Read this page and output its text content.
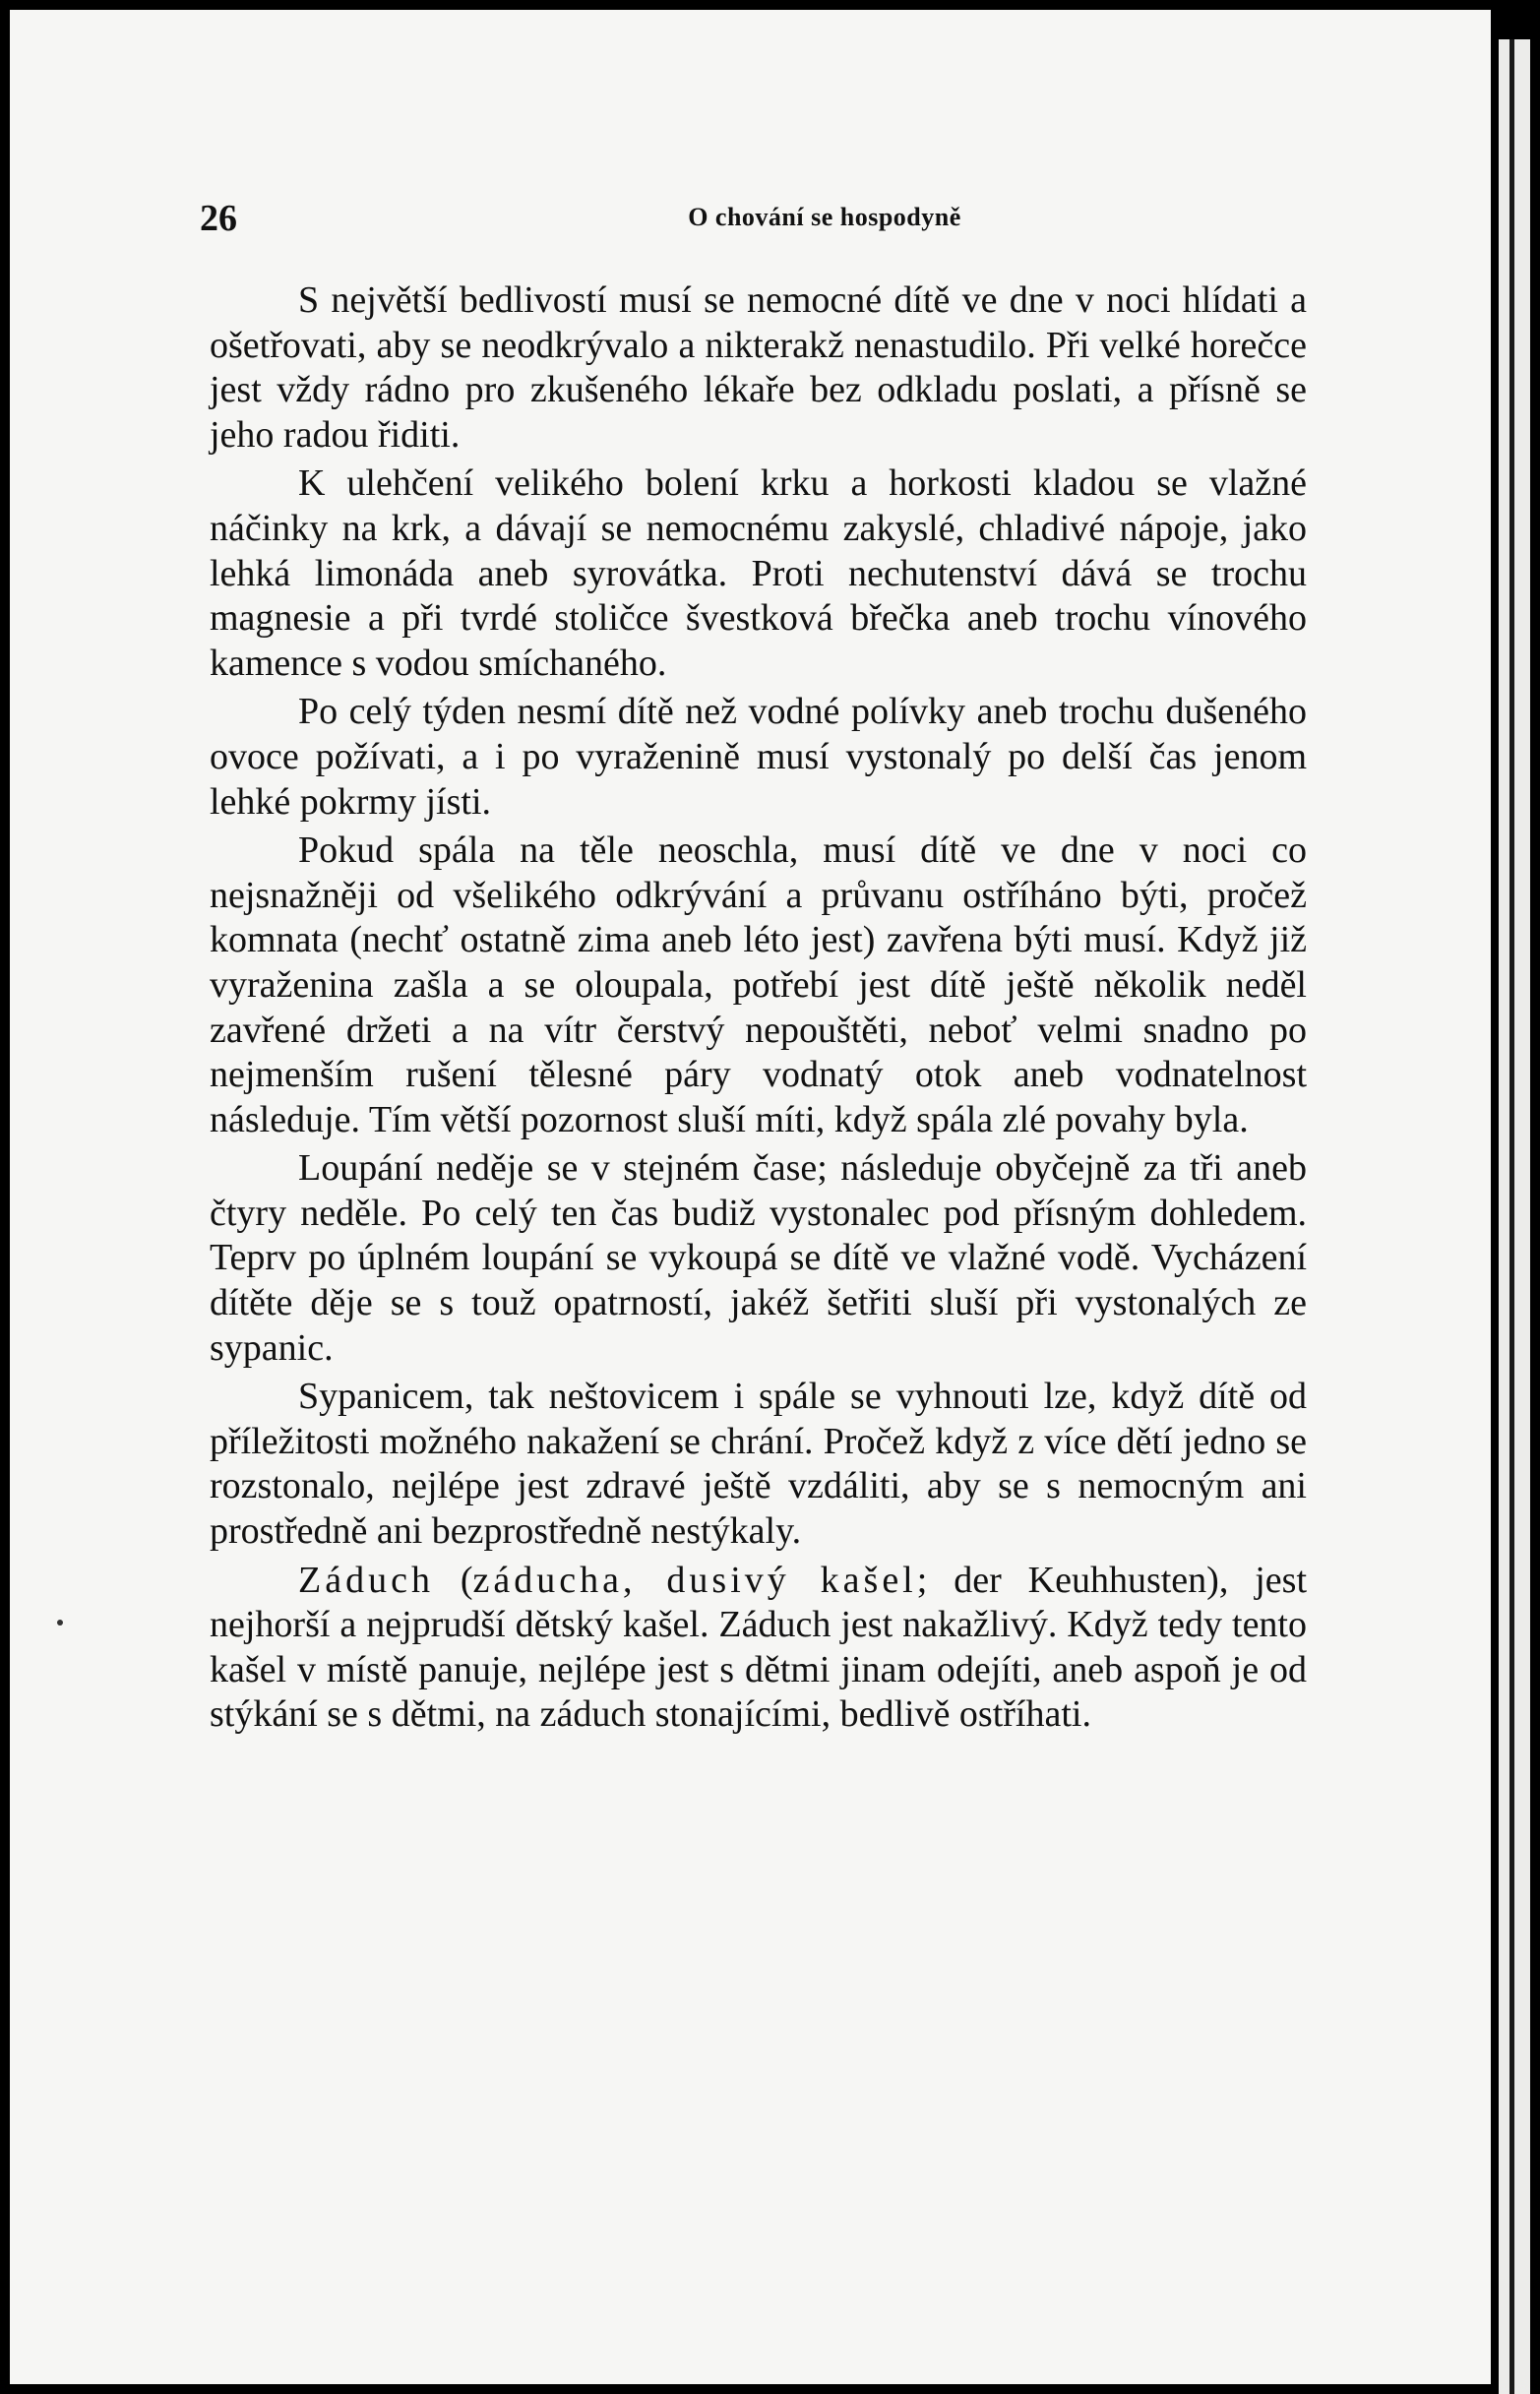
26	O chování se hospodyně

S největší bedlivostí musí se nemocné dítě ve dne v noci hlídati a ošetřovati, aby se neodkrývalo a nikterakž nenastudilo. Při velké horečce jest vždy rádno pro zkušeného lékaře bez odkladu poslati, a přísně se jeho radou řiditi.

K ulehčení velikého bolení krku a horkosti kladou se vlažné náčinky na krk, a dávají se nemocnému zakyslé, chladivé nápoje, jako lehká limonáda aneb syrovátka. Proti nechutenství dává se trochu magnesie a při tvrdé stoličce švestková břečka aneb trochu vínového kamence s vodou smíchaného.

Po celý týden nesmí dítě než vodné polívky aneb trochu dušeného ovoce požívati, a i po vyraženině musí vystonalý po delší čas jenom lehké pokrmy jísti.

Pokud spála na těle neoschla, musí dítě ve dne v noci co nejsnažněji od všelikého odkrývání a průvanu ostříháno býti, pročež komnata (nechť ostatně zima aneb léto jest) zavřena býti musí. Když již vyraženina zašla a se oloupala, potřebí jest dítě ještě několik neděl zavřené držeti a na vítr čerstvý nepouštěti, neboť velmi snadno po nejmenším rušení tělesné páry vodnatý otok aneb vodnatelnost následuje. Tím větší pozornost sluší míti, když spála zlé povahy byla.

Loupání neděje se v stejném čase; následuje obyčejně za tři aneb čtyry neděle. Po celý ten čas budiž vystonalec pod přísným dohledem. Teprv po úplném loupání se vykoupá se dítě ve vlažné vodě. Vycházení dítěte děje se s touž opatrností, jakéž šetřiti sluší při vystonalých ze sypanic.

Sypanicem, tak neštovicem i spále se vyhnouti lze, když dítě od příležitosti možného nakažení se chrání. Pročež když z více dětí jedno se rozstonalo, nejlépe jest zdravé ještě vzdáliti, aby se s nemocným ani prostředně ani bezprostředně nestýkaly.

Záduch (záducha, dusivý kašel; der Keuhhusten), jest nejhorší a nejprudší dětský kašel. Záduch jest nakažlivý. Když tedy tento kašel v místě panuje, nejlépe jest s dětmi jinam odejíti, aneb aspoň je od stýkání se s dětmi, na záduch stonajícími, bedlivě ostříhati.
